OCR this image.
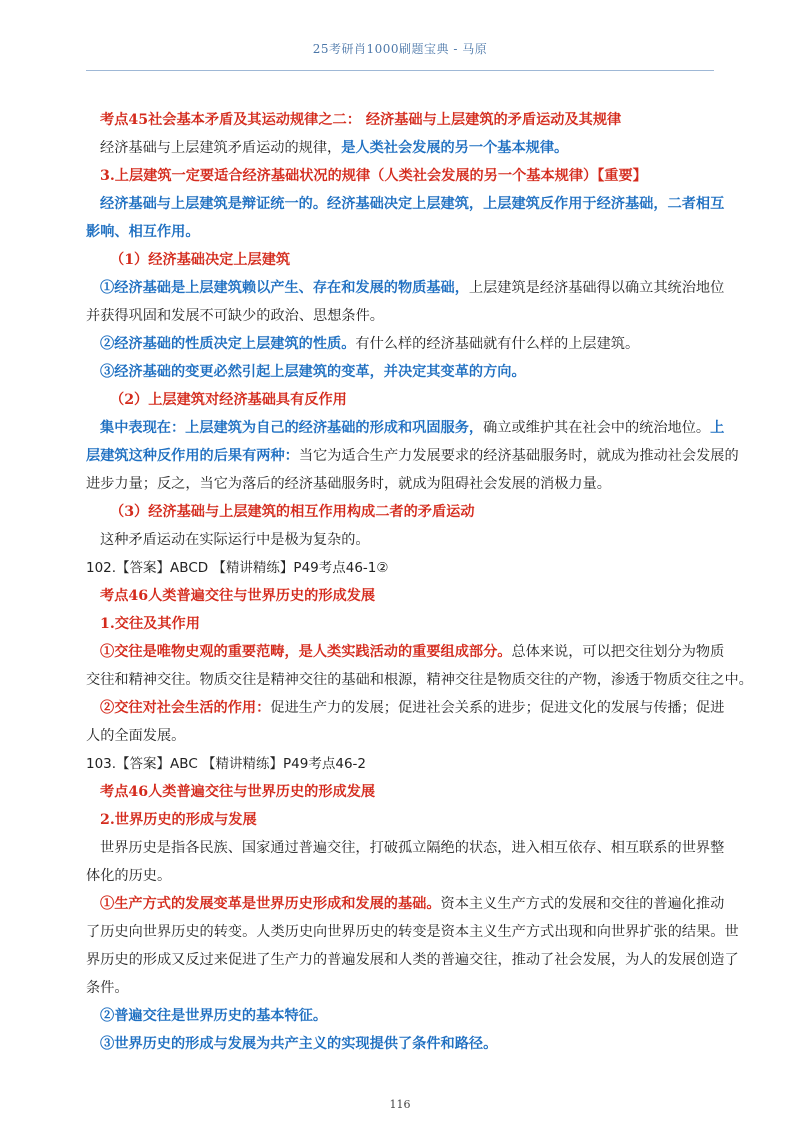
25考研肖1000刷题宝典 - 马原
考点45社会基本矛盾及其运动规律之二： 经济基础与上层建筑的矛盾运动及其规律
经济基础与上层建筑矛盾运动的规律，是人类社会发展的另一个基本规律。
3.上层建筑一定要适合经济基础状况的规律（人类社会发展的另一个基本规律）【重要】
经济基础与上层建筑是辩证统一的。经济基础决定上层建筑，上层建筑反作用于经济基础，二者相互
影响、相互作用。
（1）经济基础决定上层建筑
①经济基础是上层建筑赖以产生、存在和发展的物质基础，上层建筑是经济基础得以确立其统治地位
并获得巩固和发展不可缺少的政治、思想条件。
②经济基础的性质决定上层建筑的性质。有什么样的经济基础就有什么样的上层建筑。
③经济基础的变更必然引起上层建筑的变革，并决定其变革的方向。
（2）上层建筑对经济基础具有反作用
集中表现在：上层建筑为自己的经济基础的形成和巩固服务，确立或维护其在社会中的统治地位。上
层建筑这种反作用的后果有两种：当它为适合生产力发展要求的经济基础服务时，就成为推动社会发展的
进步力量；反之，当它为落后的经济基础服务时，就成为阻碍社会发展的消极力量。
（3）经济基础与上层建筑的相互作用构成二者的矛盾运动
这种矛盾运动在实际运行中是极为复杂的。
102.【答案】ABCD 【精讲精练】P49考点46-1②
考点46人类普遍交往与世界历史的形成发展
1.交往及其作用
①交往是唯物史观的重要范畴，是人类实践活动的重要组成部分。总体来说，可以把交往划分为物质
交往和精神交往。物质交往是精神交往的基础和根源，精神交往是物质交往的产物，渗透于物质交往之中。
②交往对社会生活的作用：促进生产力的发展；促进社会关系的进步；促进文化的发展与传播；促进
人的全面发展。
103.【答案】ABC 【精讲精练】P49考点46-2
考点46人类普遍交往与世界历史的形成发展
2.世界历史的形成与发展
世界历史是指各民族、国家通过普遍交往，打破孤立隔绝的状态，进入相互依存、相互联系的世界整
体化的历史。
①生产方式的发展变革是世界历史形成和发展的基础。资本主义生产方式的发展和交往的普遍化推动
了历史向世界历史的转变。人类历史向世界历史的转变是资本主义生产方式出现和向世界扩张的结果。世
界历史的形成又反过来促进了生产力的普遍发展和人类的普遍交往，推动了社会发展，为人的发展创造了
条件。
②普遍交往是世界历史的基本特征。
③世界历史的形成与发展为共产主义的实现提供了条件和路径。
116
